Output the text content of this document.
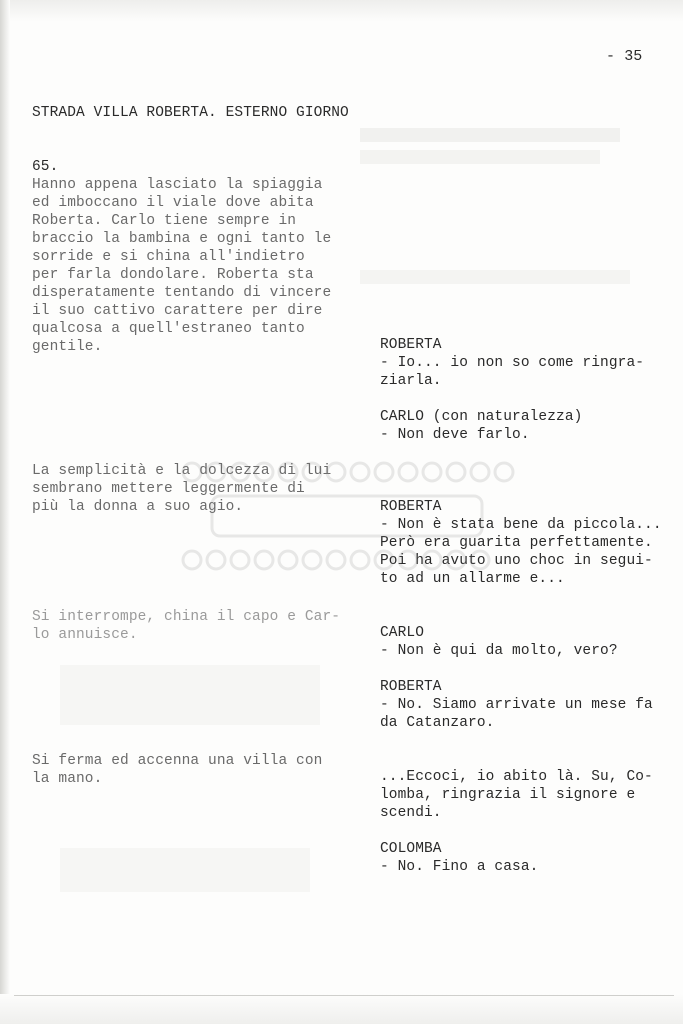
- 35
STRADA VILLA ROBERTA. ESTERNO GIORNO
65.
Hanno appena lasciato la spiaggia
ed imboccano il viale dove abita
Roberta. Carlo tiene sempre in
braccio la bambina e ogni tanto le
sorride e si china all'indietro
per farla dondolare. Roberta sta
disperatamente tentando di vincere
il suo cattivo carattere per dire
qualcosa a quell'estraneo tanto
gentile.
La semplicità e la dolcezza di lui
sembrano mettere leggermente di
più la donna a suo agio.
Si interrompe, china il capo e Car-
lo annuisce.
Si ferma ed accenna una villa con
la mano.
ROBERTA
- Io... io non so come ringra-
ziarla.
CARLO (con naturalezza)
- Non deve farlo.
ROBERTA
- Non è stata bene da piccola...
Però era guarita perfettamente.
Poi ha avuto uno choc in segui-
to ad un allarme e...
CARLO
- Non è qui da molto, vero?
ROBERTA
- No. Siamo arrivate un mese fa
da Catanzaro.
...Eccoci, io abito là. Su, Co-
lomba, ringrazia il signore e
scendi.
COLOMBA
- No. Fino a casa.
